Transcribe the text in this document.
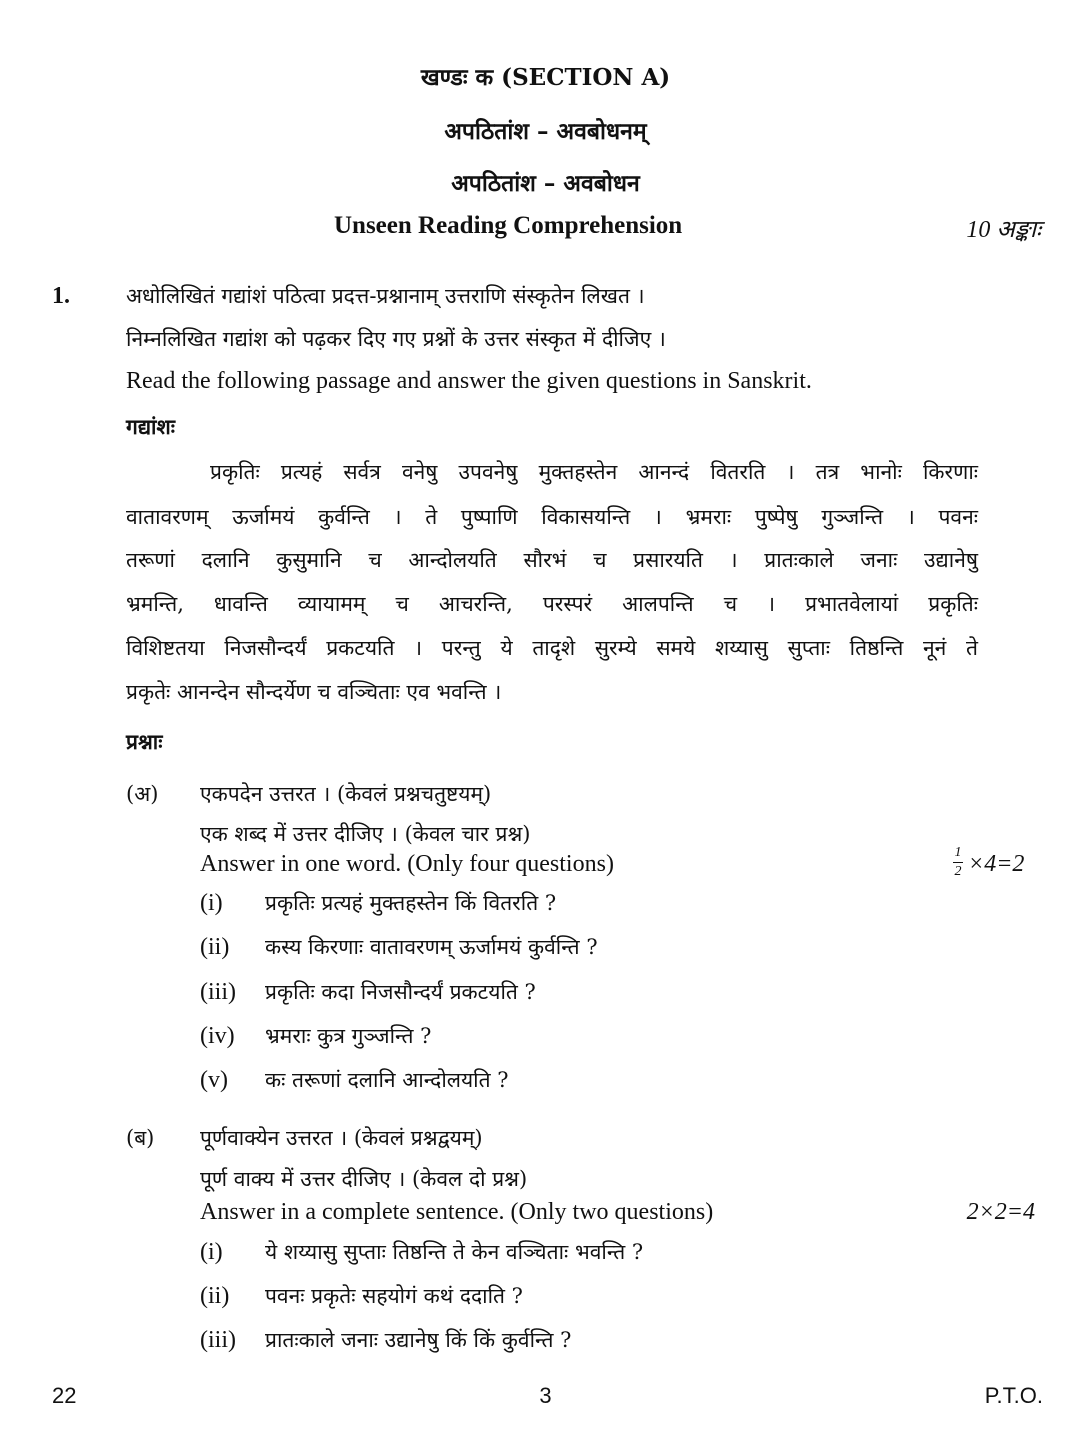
खण्डः क (SECTION A)
अपठितांश – अवबोधनम्
अपठितांश – अवबोधन
Unseen Reading Comprehension	10 अङ्काः
1.	अधोलिखितं गद्यांशं पठित्वा प्रदत्त-प्रश्नानाम् उत्तराणि संस्कृतेन लिखत ।
निम्नलिखित गद्यांश को पढ़कर दिए गए प्रश्नों के उत्तर संस्कृत में दीजिए ।
Read the following passage and answer the given questions in Sanskrit.
गद्यांशः
प्रकृतिः प्रत्यहं सर्वत्र वनेषु उपवनेषु मुक्तहस्तेन आनन्दं वितरति । तत्र भानोः किरणाः
वातावरणम् ऊर्जामयं कुर्वन्ति । ते पुष्पाणि विकासयन्ति । भ्रमराः पुष्पेषु गुञ्जन्ति । पवनः
तरूणां दलानि कुसुमानि च आन्दोलयति सौरभं च प्रसारयति । प्रातःकाले जनाः उद्यानेषु
भ्रमन्ति, धावन्ति व्यायामम् च आचरन्ति, परस्परं आलपन्ति च । प्रभातवेलायां प्रकृतिः
विशिष्टतया निजसौन्दर्यं प्रकटयति । परन्तु ये तादृशे सुरम्ये समये शय्यासु सुप्ताः तिष्ठन्ति नूनं ते
प्रकृतेः आनन्देन सौन्दर्येण च वञ्चिताः एव भवन्ति ।
प्रश्नाः
(अ) एकपदेन उत्तरत । (केवलं प्रश्नचतुष्टयम्)
एक शब्द में उत्तर दीजिए । (केवल चार प्रश्न)
Answer in one word. (Only four questions)	1
2 ×4=2
(i) प्रकृतिः प्रत्यहं मुक्तहस्तेन किं वितरति ?
(ii) कस्य किरणाः वातावरणम् ऊर्जामयं कुर्वन्ति ?
(iii) प्रकृतिः कदा निजसौन्दर्यं प्रकटयति ?
(iv) भ्रमराः कुत्र गुञ्जन्ति ?
(v) कः तरूणां दलानि आन्दोलयति ?
(ब) पूर्णवाक्येन उत्तरत । (केवलं प्रश्नद्वयम्)
पूर्ण वाक्य में उत्तर दीजिए । (केवल दो प्रश्न)
Answer in a complete sentence. (Only two questions)	2×2=4
(i) ये शय्यासु सुप्ताः तिष्ठन्ति ते केन वञ्चिताः भवन्ति ?
(ii) पवनः प्रकृतेः सहयोगं कथं ददाति ?
(iii) प्रातःकाले जनाः उद्यानेषु किं किं कुर्वन्ति ?
22	3	P.T.O.
